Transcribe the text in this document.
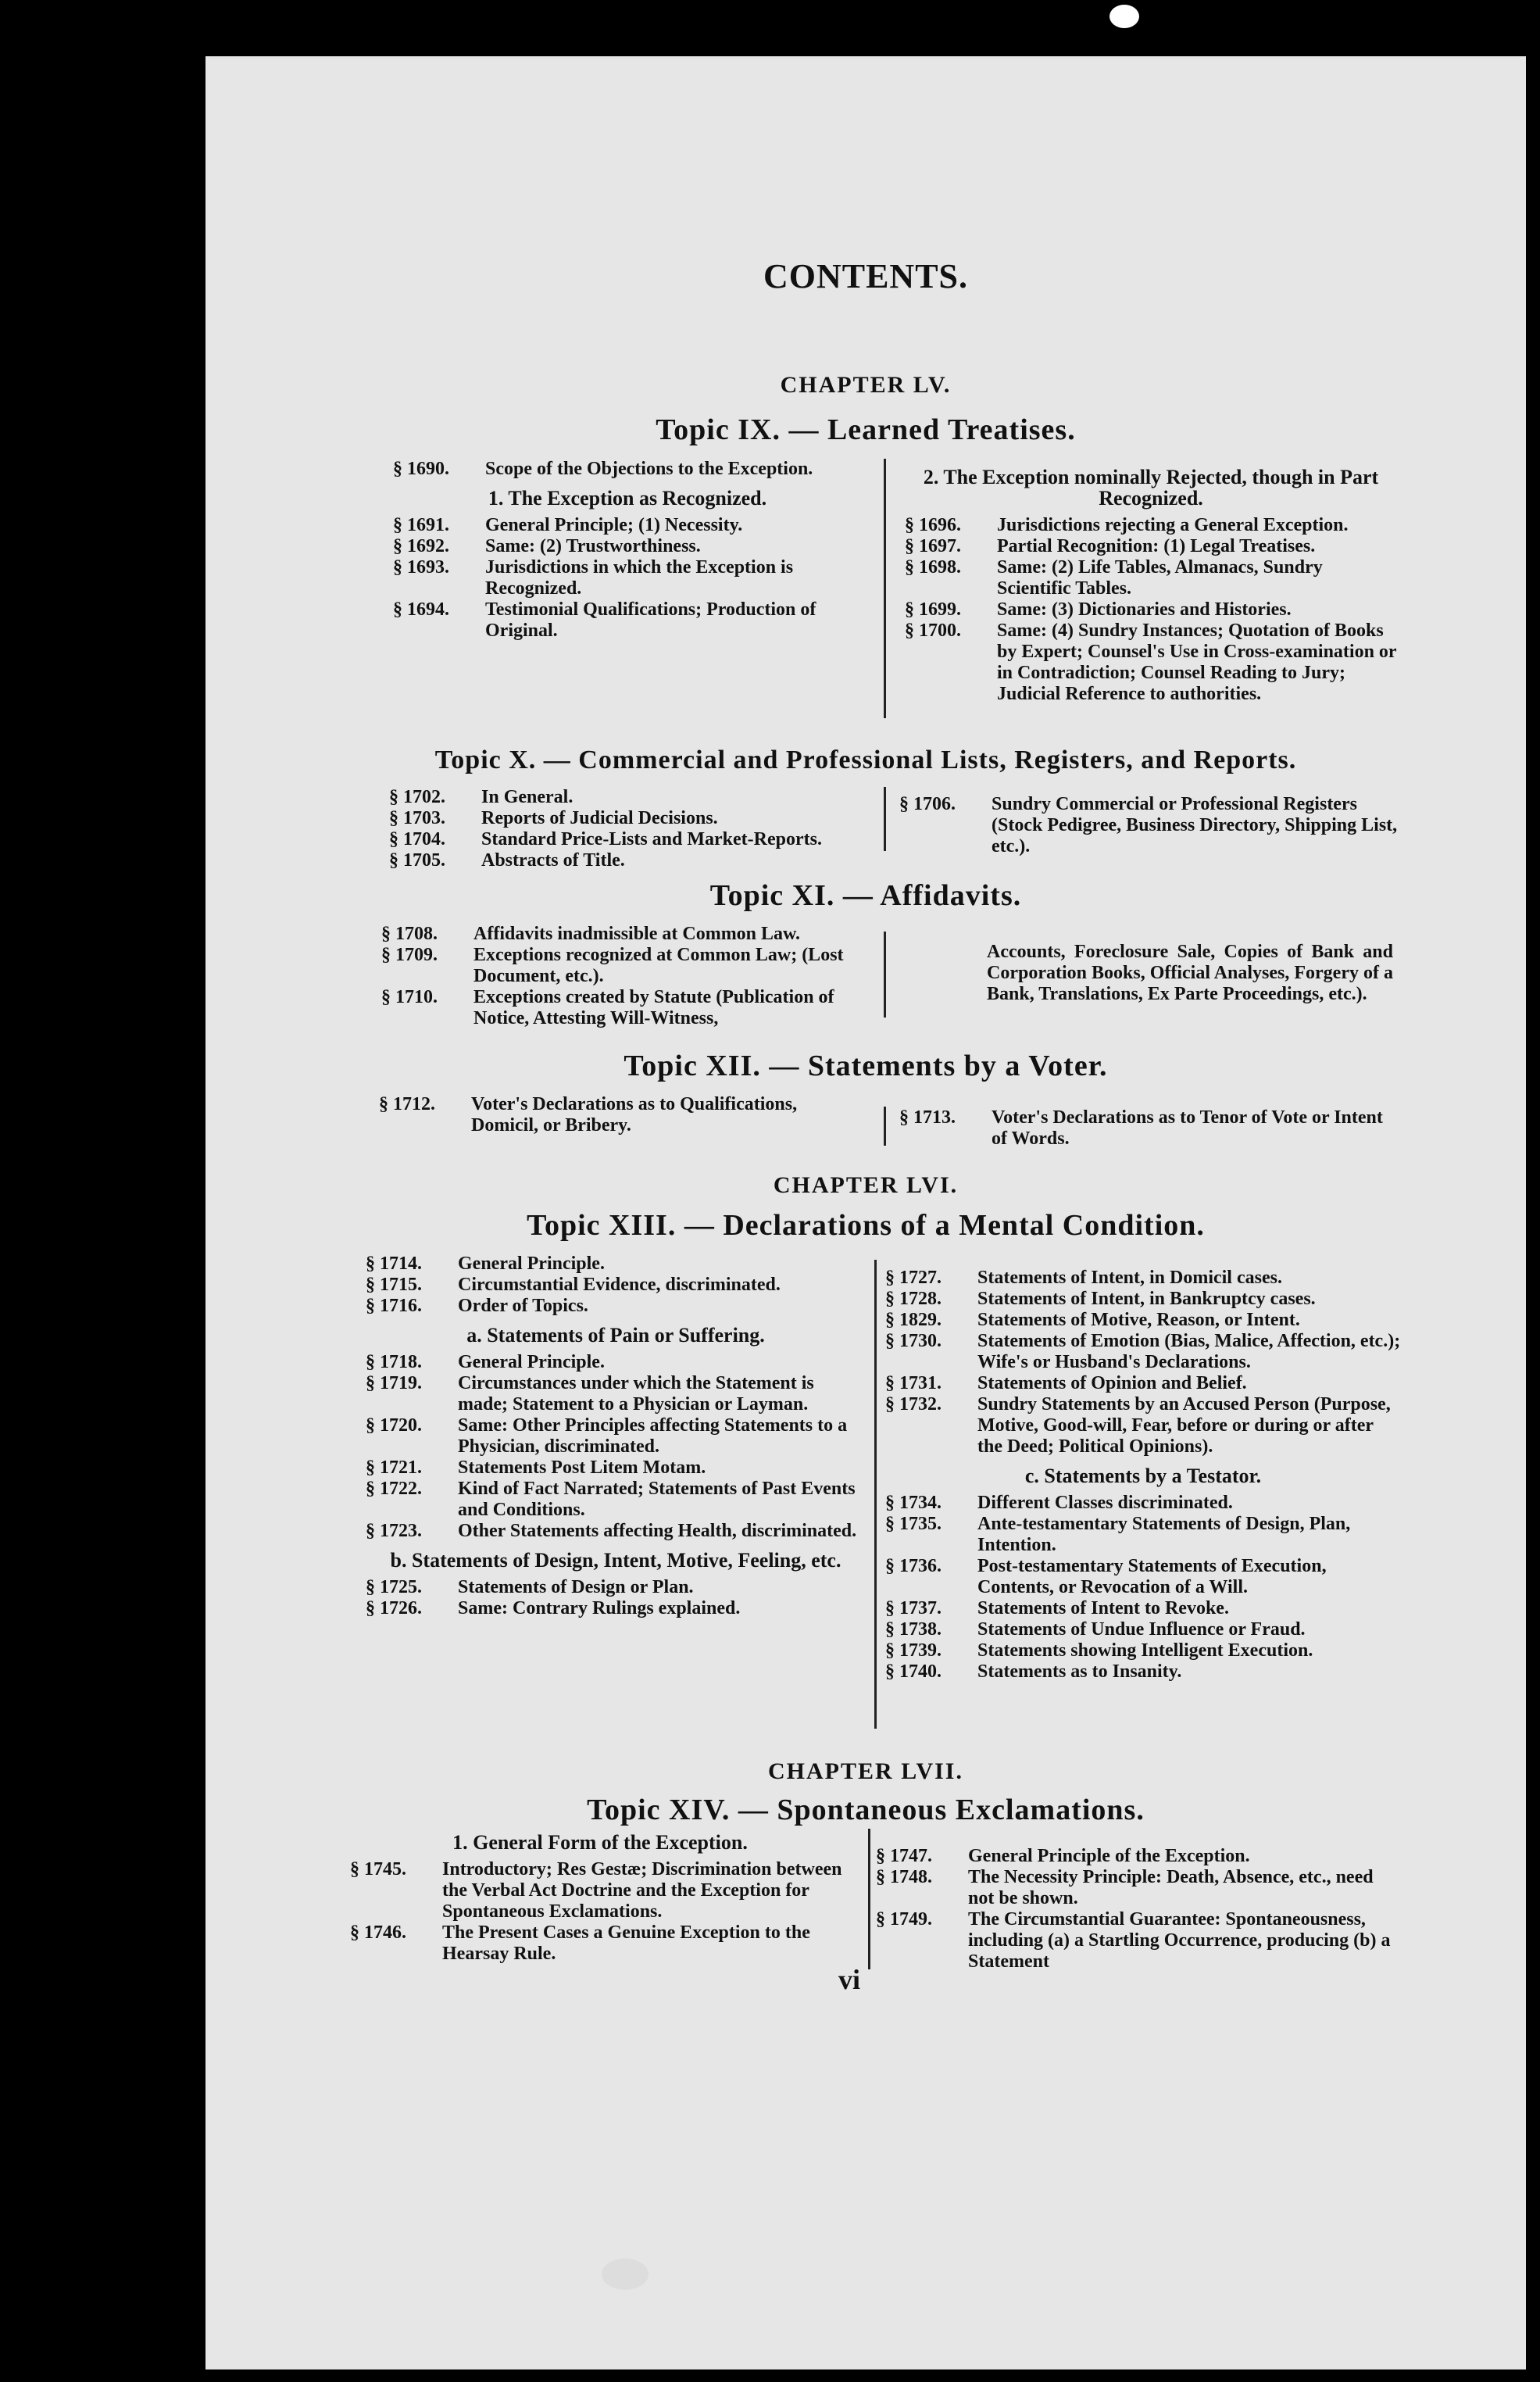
CONTENTS.
CHAPTER LV.
Topic IX. — Learned Treatises.
§ 1690.	Scope of the Objections to the Exception.
1. The Exception as Recognized.
§ 1691.	General Principle; (1) Necessity.
§ 1692.	Same: (2) Trustworthiness.
§ 1693.	Jurisdictions in which the Exception is Recognized.
§ 1694.	Testimonial Qualifications; Production of Original.
2. The Exception nominally Rejected, though in Part Recognized.
§ 1696.	Jurisdictions rejecting a General Exception.
§ 1697.	Partial Recognition: (1) Legal Treatises.
§ 1698.	Same: (2) Life Tables, Almanacs, Sundry Scientific Tables.
§ 1699.	Same: (3) Dictionaries and Histories.
§ 1700.	Same: (4) Sundry Instances; Quotation of Books by Expert; Counsel's Use in Cross-examination or in Contradiction; Counsel Reading to Jury; Judicial Reference to authorities.
Topic X. — Commercial and Professional Lists, Registers, and Reports.
§ 1702.	In General.
§ 1703.	Reports of Judicial Decisions.
§ 1704.	Standard Price-Lists and Market-Reports.
§ 1705.	Abstracts of Title.
§ 1706.	Sundry Commercial or Professional Registers (Stock Pedigree, Business Directory, Shipping List, etc.).
Topic XI. — Affidavits.
§ 1708.	Affidavits inadmissible at Common Law.
§ 1709.	Exceptions recognized at Common Law; (Lost Document, etc.).
§ 1710.	Exceptions created by Statute (Publication of Notice, Attesting Will-Witness,
Accounts, Foreclosure Sale, Copies of Bank and Corporation Books, Official Analyses, Forgery of a Bank, Translations, Ex Parte Proceedings, etc.).
Topic XII. — Statements by a Voter.
§ 1712.	Voter's Declarations as to Qualifications, Domicil, or Bribery.	§ 1713.	Voter's Declarations as to Tenor of Vote or Intent of Words.
CHAPTER LVI.
Topic XIII. — Declarations of a Mental Condition.
§ 1714.	General Principle.
§ 1715.	Circumstantial Evidence, discriminated.
§ 1716.	Order of Topics.
a. Statements of Pain or Suffering.
§ 1718.	General Principle.
§ 1719.	Circumstances under which the Statement is made; Statement to a Physician or Layman.
§ 1720.	Same: Other Principles affecting Statements to a Physician, discriminated.
§ 1721.	Statements Post Litem Motam.
§ 1722.	Kind of Fact Narrated; Statements of Past Events and Conditions.
§ 1723.	Other Statements affecting Health, discriminated.
b. Statements of Design, Intent, Motive, Feeling, etc.
§ 1725.	Statements of Design or Plan.
§ 1726.	Same: Contrary Rulings explained.
§ 1727.	Statements of Intent, in Domicil cases.
§ 1728.	Statements of Intent, in Bankruptcy cases.
§ 1829.	Statements of Motive, Reason, or Intent.
§ 1730.	Statements of Emotion (Bias, Malice, Affection, etc.); Wife's or Husband's Declarations.
§ 1731.	Statements of Opinion and Belief.
§ 1732.	Sundry Statements by an Accused Person (Purpose, Motive, Good-will, Fear, before or during or after the Deed; Political Opinions).
c. Statements by a Testator.
§ 1734.	Different Classes discriminated.
§ 1735.	Ante-testamentary Statements of Design, Plan, Intention.
§ 1736.	Post-testamentary Statements of Execution, Contents, or Revocation of a Will.
§ 1737.	Statements of Intent to Revoke.
§ 1738.	Statements of Undue Influence or Fraud.
§ 1739.	Statements showing Intelligent Execution.
§ 1740.	Statements as to Insanity.
CHAPTER LVII.
Topic XIV. — Spontaneous Exclamations.
1. General Form of the Exception.
§ 1745.	Introductory; Res Gestæ; Discrimination between the Verbal Act Doctrine and the Exception for Spontaneous Exclamations.
§ 1746.	The Present Cases a Genuine Exception to the Hearsay Rule.
§ 1747.	General Principle of the Exception.
§ 1748.	The Necessity Principle: Death, Absence, etc., need not be shown.
§ 1749.	The Circumstantial Guarantee: Spontaneousness, including (a) a Startling Occurrence, producing (b) a Statement
vi
